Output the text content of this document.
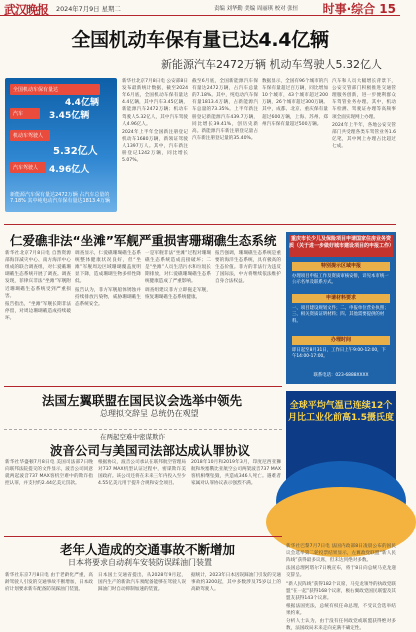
武汉晚报 2024年7月9日 星期二	责编 刘华勤 美编 周丽琪 校对 张恒 时事·综合 15
全国机动车保有量已达4.4亿辆
新能源汽车2472万辆 机动车驾驶人5.32亿人
全国机动车保有量达
4.4亿辆
汽车	3.45亿辆
机动车驾驶人
5.32亿人
汽车驾驶人	4.96亿人
新能源汽车保有量达2472万辆 占汽车总量的7.18% 其中纯电动汽车保有量达1813.4万辆

新华社北京7月8日电 公安部8日发布最新统计数据，截至2024年6月底，全国机动车保有量达4.4亿辆，其中汽车3.45亿辆，新能源汽车2472万辆；机动车驾驶人5.32亿人，其中汽车驾驶人4.96亿人。

2024年上半年全国新注册登记机动车1680万辆，新领证驾驶人1397万人。其中，汽车新注册登记1242万辆，同比增长5.07%。

截至6月底，全国新能源汽车保有量达2472万辆，占汽车总量的7.18%。其中，纯电动汽车保有量1813.4万辆，占新能源汽车总量的73.35%。上半年新注册登记新能源汽车439.7万辆，同比增长39.41%，创历史新高。新能源汽车新注册登记量占汽车新注册登记量的35.40%。

数据显示，全国有96个城市的汽车保有量超过百万辆，同比增加10个城市，43个城市超过200万辆，26个城市超过300万辆。其中，成都、北京、重庆保有量超过600万辆，上海、苏州、郑州汽车保有量超过500万辆。

汽车和人员大幅增长背景下，公安交管部门积极推进交通管理服务创新，进一步便利群众车驾管业务办理。其中，机动车检测、驾驶证办理等高频事项全面实现网上办理。

2024年上半年，各地公安交管部门共受理各类车驾管业务1.6亿笔，其中网上办理占比超过七成。

仁爱礁非法“坐滩”军舰严重损害珊瑚礁生态系统

新华社北京7月8日电 自然资源部海洋减灾中心、南方海洋中心组成的联合调查组，对仁爱礁珊瑚礁生态系统开展了调查。调查发现，菲律宾非法“坐滩”军舰附近珊瑚礁生态系统受到严重损害。

报告指出，“坐滩”军舰长期非法停留，对周边珊瑚礁造成持续破坏。

调查显示，仁爱礁珊瑚礁生态系统整体健康状况良好，但“坐滩”军舰周边区域珊瑚覆盖度明显下降，造成珊瑚生物多样性降低。

报告认为，菲方军舰船体锈蚀并持续排放污染物，威胁珊瑚礁生态系统安全。

一是军舰非法“坐滩”过程对珊瑚礁生态系统造成直接破坏；二是“坐滩”人员生活污水和垃圾长期排放，对仁爱礁珊瑚礁生态系统健康造成了严重影响。

调查组建议菲方立即拖走军舰，恢复珊瑚礁生态系统健康。

报告强调，珊瑚礁生态系统是重要的海洋生态系统，具有极高的生态价值。菲方的非法行为违反了国际法，中方将继续依法维护自身合法权益。

重庆市长少儿及保险项目申请国家住房业务资质（关于进一步做好城市建设项目的申报工作）
特别提示区域申报
办理项目申报工作及资质审核安排，详见本市统一公示名单及联系方式。
申请材料要求
一、项目建设规划文件；二、申报单位营业执照；三、相关资质证明材料；四、其他需要提供的材料。
办理时间
即日起至8月31日，工作日上午9:00-12:00，下午14:00-17:00。
联系电话：023-6888XXXX
法国左翼联盟在国民议会选举中领先
总理拟交辞呈 总统仍在观望
全球平均气温已连续12个月比工业化前高1.5摄氏度
在两起空难中密谋欺诈
波音公司与美国司法部达成认罪协议

新华社华盛顿7月8日电 美国司法部7日晚向联邦法院提交的文件显示，波音公司同意就两起波音737 MAX客机空难中的欺诈指控认罪，并支付约2.44亿美元罚款。

根据协议，波音公司承认在联邦航空管理局对737 MAX机型认证过程中，密谋欺诈美国政府。该公司还将在未来三年内投入至少4.55亿美元用于提升合规和安全项目。

2018年10月和2019年3月，印度尼西亚狮航和埃塞俄比亚航空公司两架波音737 MAX客机相继坠毁，共造成346人死亡。遇难者家属对认罪协议表示强烈不满。

老年人造成的交通事故不断增加
日本将要求自动刹车安装防误踩油门装置

新华社东京7月8日电 由于老龄化严重，高龄驾驶人引发的交通事故不断增加，日本政府计划要求新车配备防误踩油门装置。

日本国土交通省提出，从2028年9月起，国内生产的新款汽车须配备能够在驾驶人误踩油门时自动抑制加速的装置。

据统计，2023年日本因误踩油门引发的交通事故约3200起，其中多数涉及75岁以上的高龄驾驶人。

新华社巴黎7月7日电 法国内政部8日凌晨公布的国民议会选举第二轮投票结果显示，左翼政党联盟“新人民阵线”获得最多议席，但未达到绝对多数。

法国总理阿塔尔7日晚宣布，将于8日向总统马克龙递交辞呈。

“新人民阵线”获得182个议席，马克龙领导的执政党联盟“在一起”获得168个议席，极右翼政党国民联盟及其盟友获得143个议席。

根据法国宪法，总统有权任命总理，不受议会选举结果约束。

分析人士认为，由于没有任何政党或联盟获得绝对多数，法国政局未来走向充满不确定性。
